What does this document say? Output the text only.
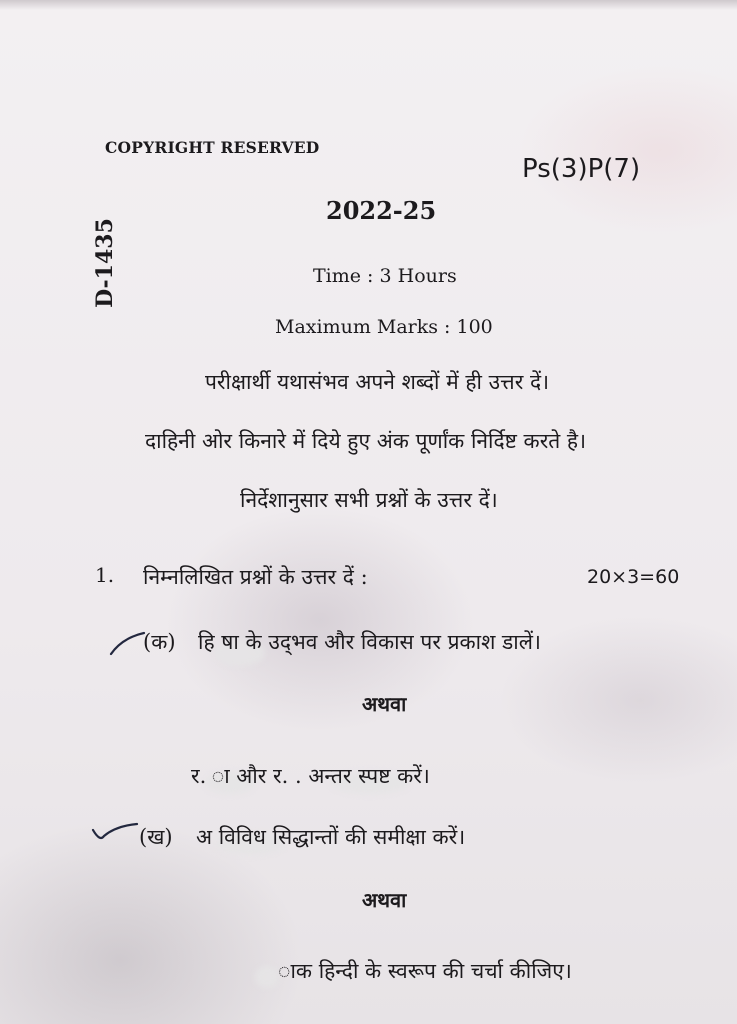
COPYRIGHT RESERVED
Ps(3)P(7)
D-1435
2022-25
Time : 3 Hours
Maximum Marks : 100
परीक्षार्थी यथासंभव अपने शब्दों में ही उत्तर दें।
दाहिनी ओर किनारे में दिये हुए अंक पूर्णांक निर्दिष्ट करते है।
निर्देशानुसार सभी प्रश्नों के उत्तर दें।
1. निम्नलिखित प्रश्नों के उत्तर दें :	20×3=60
(क) हि षा के उद्‌भव और विकास पर प्रकाश डालें।
अथवा
र. ा और र. . अन्तर स्पष्ट करें।
(ख) अ विविध सिद्धान्तों की समीक्षा करें।
अथवा
ाक हिन्दी के स्वरूप की चर्चा कीजिए।
